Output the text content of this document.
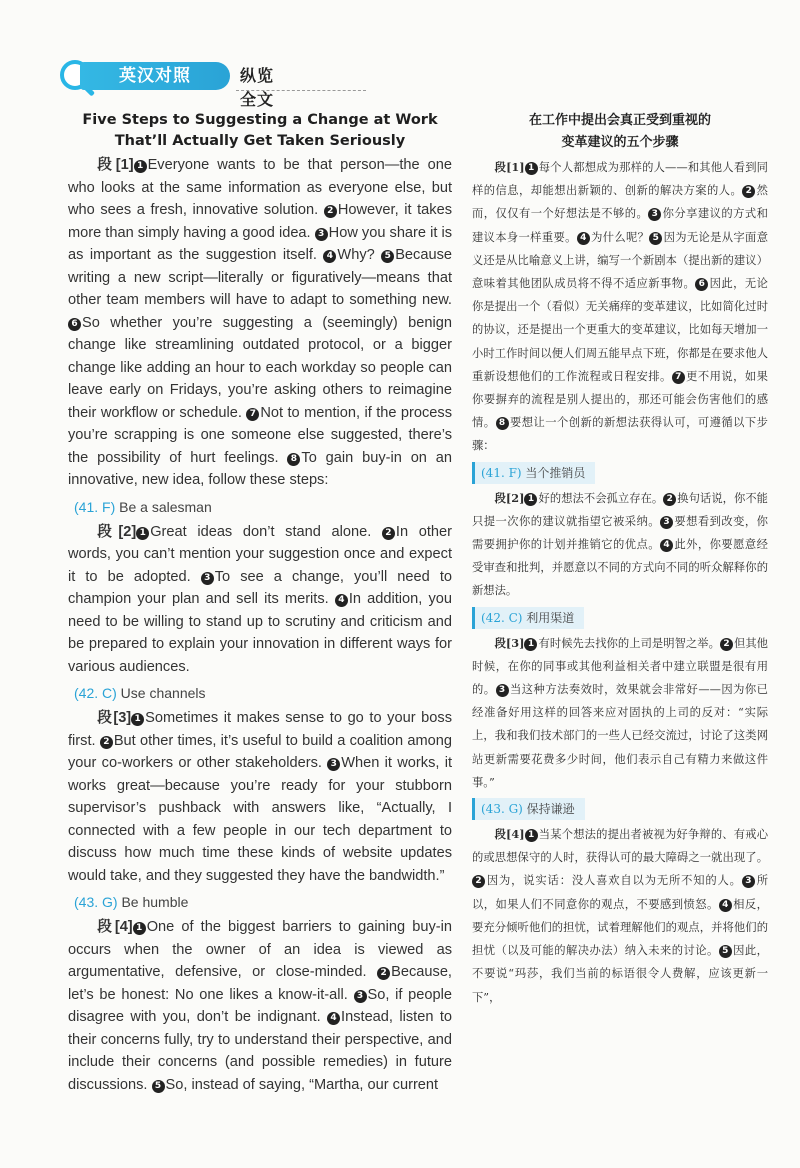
英汉对照	纵览全文
Five Steps to Suggesting a Change at Work
That’ll Actually Get Taken Seriously

段[1] 1 Everyone wants to be that person—the one who looks at the same information as everyone else, but who sees a fresh, innovative solution. 2 However, it takes more than simply having a good idea. 3 How you share it is as important as the suggestion itself. 4 Why? 5 Because writing a new script—literally or figuratively—means that other team members will have to adapt to something new. 6 So whether you’re suggesting a (seemingly) benign change like streamlining outdated protocol, or a bigger change like adding an hour to each workday so people can leave early on Fridays, you’re asking others to reimagine their workflow or schedule. 7 Not to mention, if the process you’re scrapping is one someone else suggested, there’s the possibility of hurt feelings. 8 To gain buy-in on an innovative, new idea, follow these steps:

(41. F) Be a salesman

段[2] 1 Great ideas don’t stand alone. 2 In other words, you can’t mention your suggestion once and expect it to be adopted. 3 To see a change, you’ll need to champion your plan and sell its merits. 4 In addition, you need to be willing to stand up to scrutiny and criticism and be prepared to explain your innovation in different ways for various audiences.

(42. C) Use channels

段[3] 1 Sometimes it makes sense to go to your boss first. 2 But other times, it’s useful to build a coalition among your co-workers or other stakeholders. 3 When it works, it works great—because you’re ready for your stubborn supervisor’s pushback with answers like, “Actually, I connected with a few people in our tech department to discuss how much time these kinds of website updates would take, and they suggested they have the bandwidth.”

(43. G) Be humble

段[4] 1 One of the biggest barriers to gaining buy-in occurs when the owner of an idea is viewed as argumentative, defensive, or close-minded. 2 Because, let’s be honest: No one likes a know-it-all. 3 So, if people disagree with you, don’t be indignant. 4 Instead, listen to their concerns fully, try to understand their perspective, and include their concerns (and possible remedies) in future discussions. 5 So, instead of saying, “Martha, our current

在工作中提出会真正受到重视的
变革建议的五个步骤

段[1] 1 每个人都想成为那样的人——和其他人看到同样的信息，却能想出新颖的、创新的解决方案的人。 2 然而，仅仅有一个好想法是不够的。 3 你分享建议的方式和建议本身一样重要。 4 为什么呢？ 5 因为无论是从字面意义还是从比喻意义上讲，编写一个新剧本（提出新的建议）意味着其他团队成员将不得不适应新事物。 6 因此，无论你是提出一个（看似）无关痛痒的变革建议，比如简化过时的协议，还是提出一个更重大的变革建议，比如每天增加一小时工作时间以便人们周五能早点下班，你都是在要求他人重新设想他们的工作流程或日程安排。 7 更不用说，如果你要摒弃的流程是别人提出的，那还可能会伤害他们的感情。 8 要想让一个创新的新想法获得认可，可遵循以下步骤：

(41. F) 当个推销员

段[2] 1 好的想法不会孤立存在。 2 换句话说，你不能只提一次你的建议就指望它被采纳。 3 要想看到改变，你需要拥护你的计划并推销它的优点。 4 此外，你要愿意经受审查和批判，并愿意以不同的方式向不同的听众解释你的新想法。

(42. C) 利用渠道

段[3] 1 有时候先去找你的上司是明智之举。 2 但其他时候，在你的同事或其他利益相关者中建立联盟是很有用的。 3 当这种方法奏效时，效果就会非常好——因为你已经准备好用这样的回答来应对固执的上司的反对：“实际上，我和我们技术部门的一些人已经交流过，讨论了这类网站更新需要花费多少时间，他们表示自己有精力来做这件事。”

(43. G) 保持谦逊

段[4] 1 当某个想法的提出者被视为好争辩的、有戒心的或思想保守的人时，获得认可的最大障碍之一就出现了。2 因为，说实话：没人喜欢自以为无所不知的人。 3 所以，如果人们不同意你的观点，不要感到愤怒。 4 相反，要充分倾听他们的担忧，试着理解他们的观点，并将他们的担忧（以及可能的解决办法）纳入未来的讨论。 5 因此，不要说“玛莎，我们当前的标语很令人费解，应该更新一下”，
